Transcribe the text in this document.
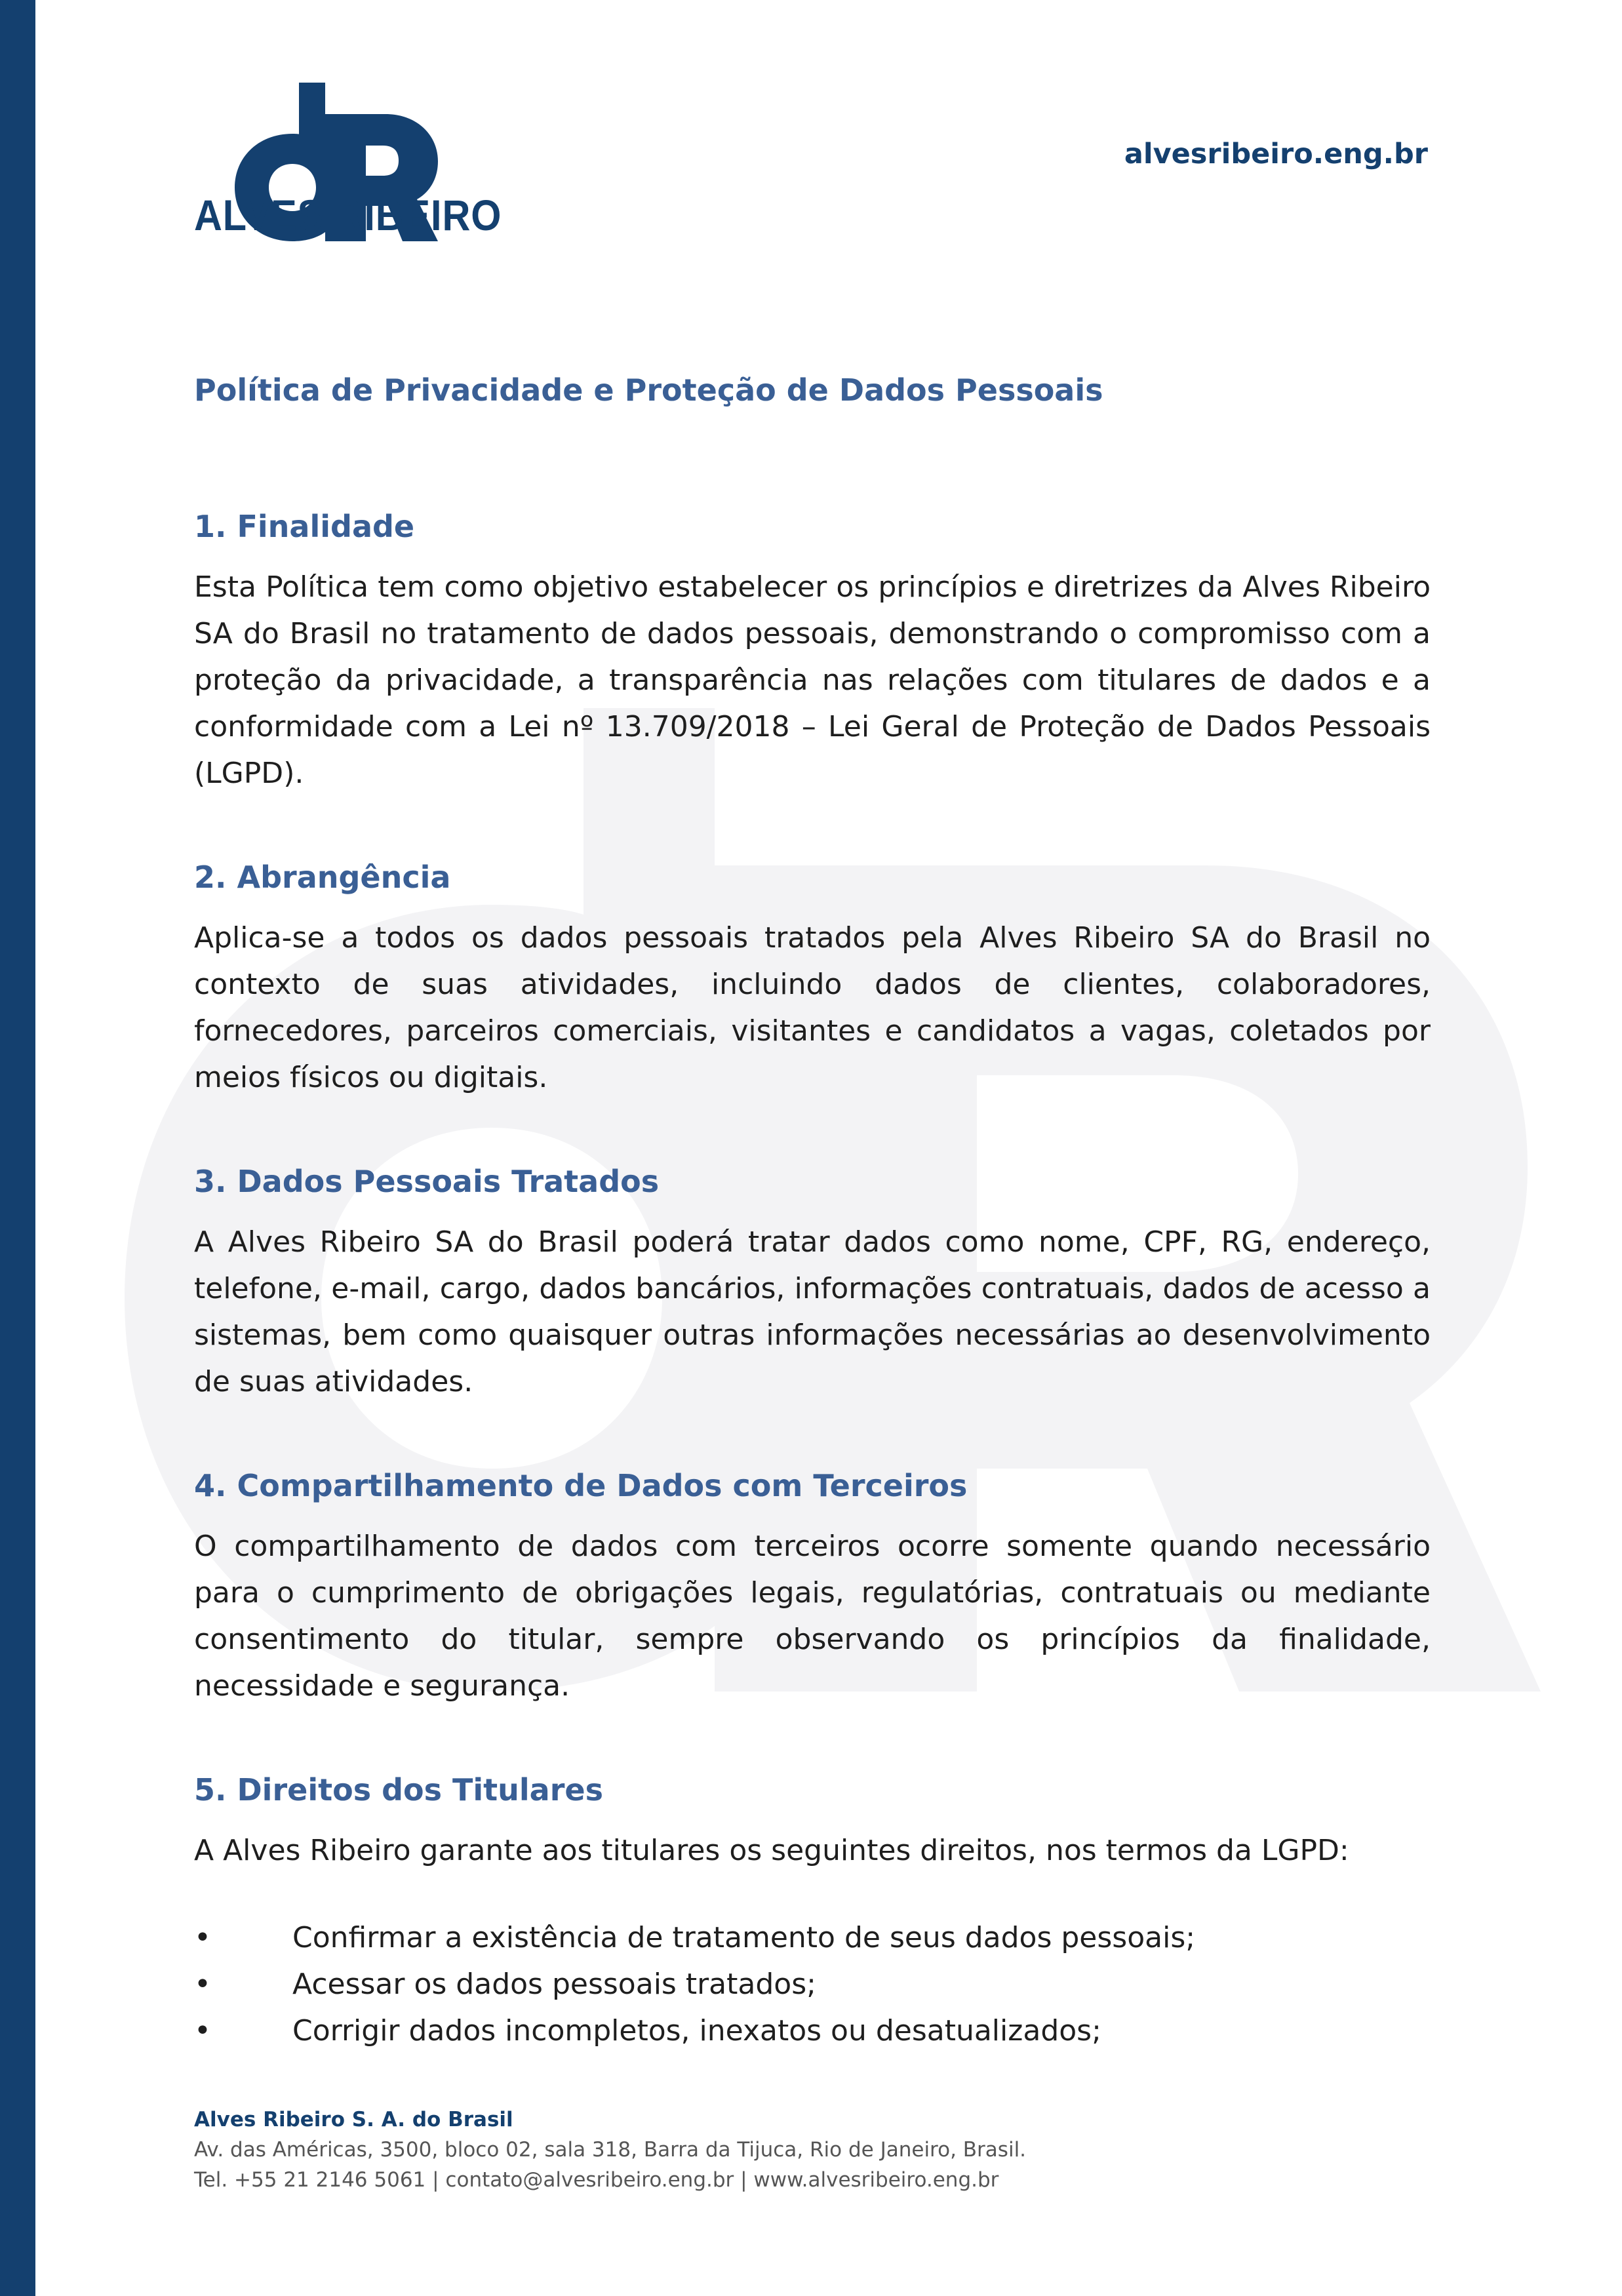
ALVES RIBEIRO
alvesribeiro.eng.br
Política de Privacidade e Proteção de Dados Pessoais
1. Finalidade

Esta Política tem como objetivo estabelecer os princípios e diretrizes da Alves Ribeiro SA do Brasil no tratamento de dados pessoais, demonstrando o compromisso com a proteção da privacidade, a transparência nas relações com titulares de dados e a conformidade com a Lei nº 13.709/2018 – Lei Geral de Proteção de Dados Pessoais (LGPD).

2. Abrangência

Aplica-se a todos os dados pessoais tratados pela Alves Ribeiro SA do Brasil no contexto de suas atividades, incluindo dados de clientes, colaboradores, fornecedores, parceiros comerciais, visitantes e candidatos a vagas, coletados por meios físicos ou digitais.

3. Dados Pessoais Tratados

A Alves Ribeiro SA do Brasil poderá tratar dados como nome, CPF, RG, endereço, telefone, e-mail, cargo, dados bancários, informações contratuais, dados de acesso a sistemas, bem como quaisquer outras informações necessárias ao desenvolvimento de suas atividades.

4. Compartilhamento de Dados com Terceiros

O compartilhamento de dados com terceiros ocorre somente quando necessário para o cumprimento de obrigações legais, regulatórias, contratuais ou mediante consentimento do titular, sempre observando os princípios da finalidade, necessidade e segurança.

5. Direitos dos Titulares

A Alves Ribeiro garante aos titulares os seguintes direitos, nos termos da LGPD:

•	Confirmar a existência de tratamento de seus dados pessoais;
•	Acessar os dados pessoais tratados;
•	Corrigir dados incompletos, inexatos ou desatualizados;
Alves Ribeiro S. A. do Brasil
Av. das Américas, 3500, bloco 02, sala 318, Barra da Tijuca, Rio de Janeiro, Brasil.
Tel. +55 21 2146 5061 | contato@alvesribeiro.eng.br | www.alvesribeiro.eng.br
